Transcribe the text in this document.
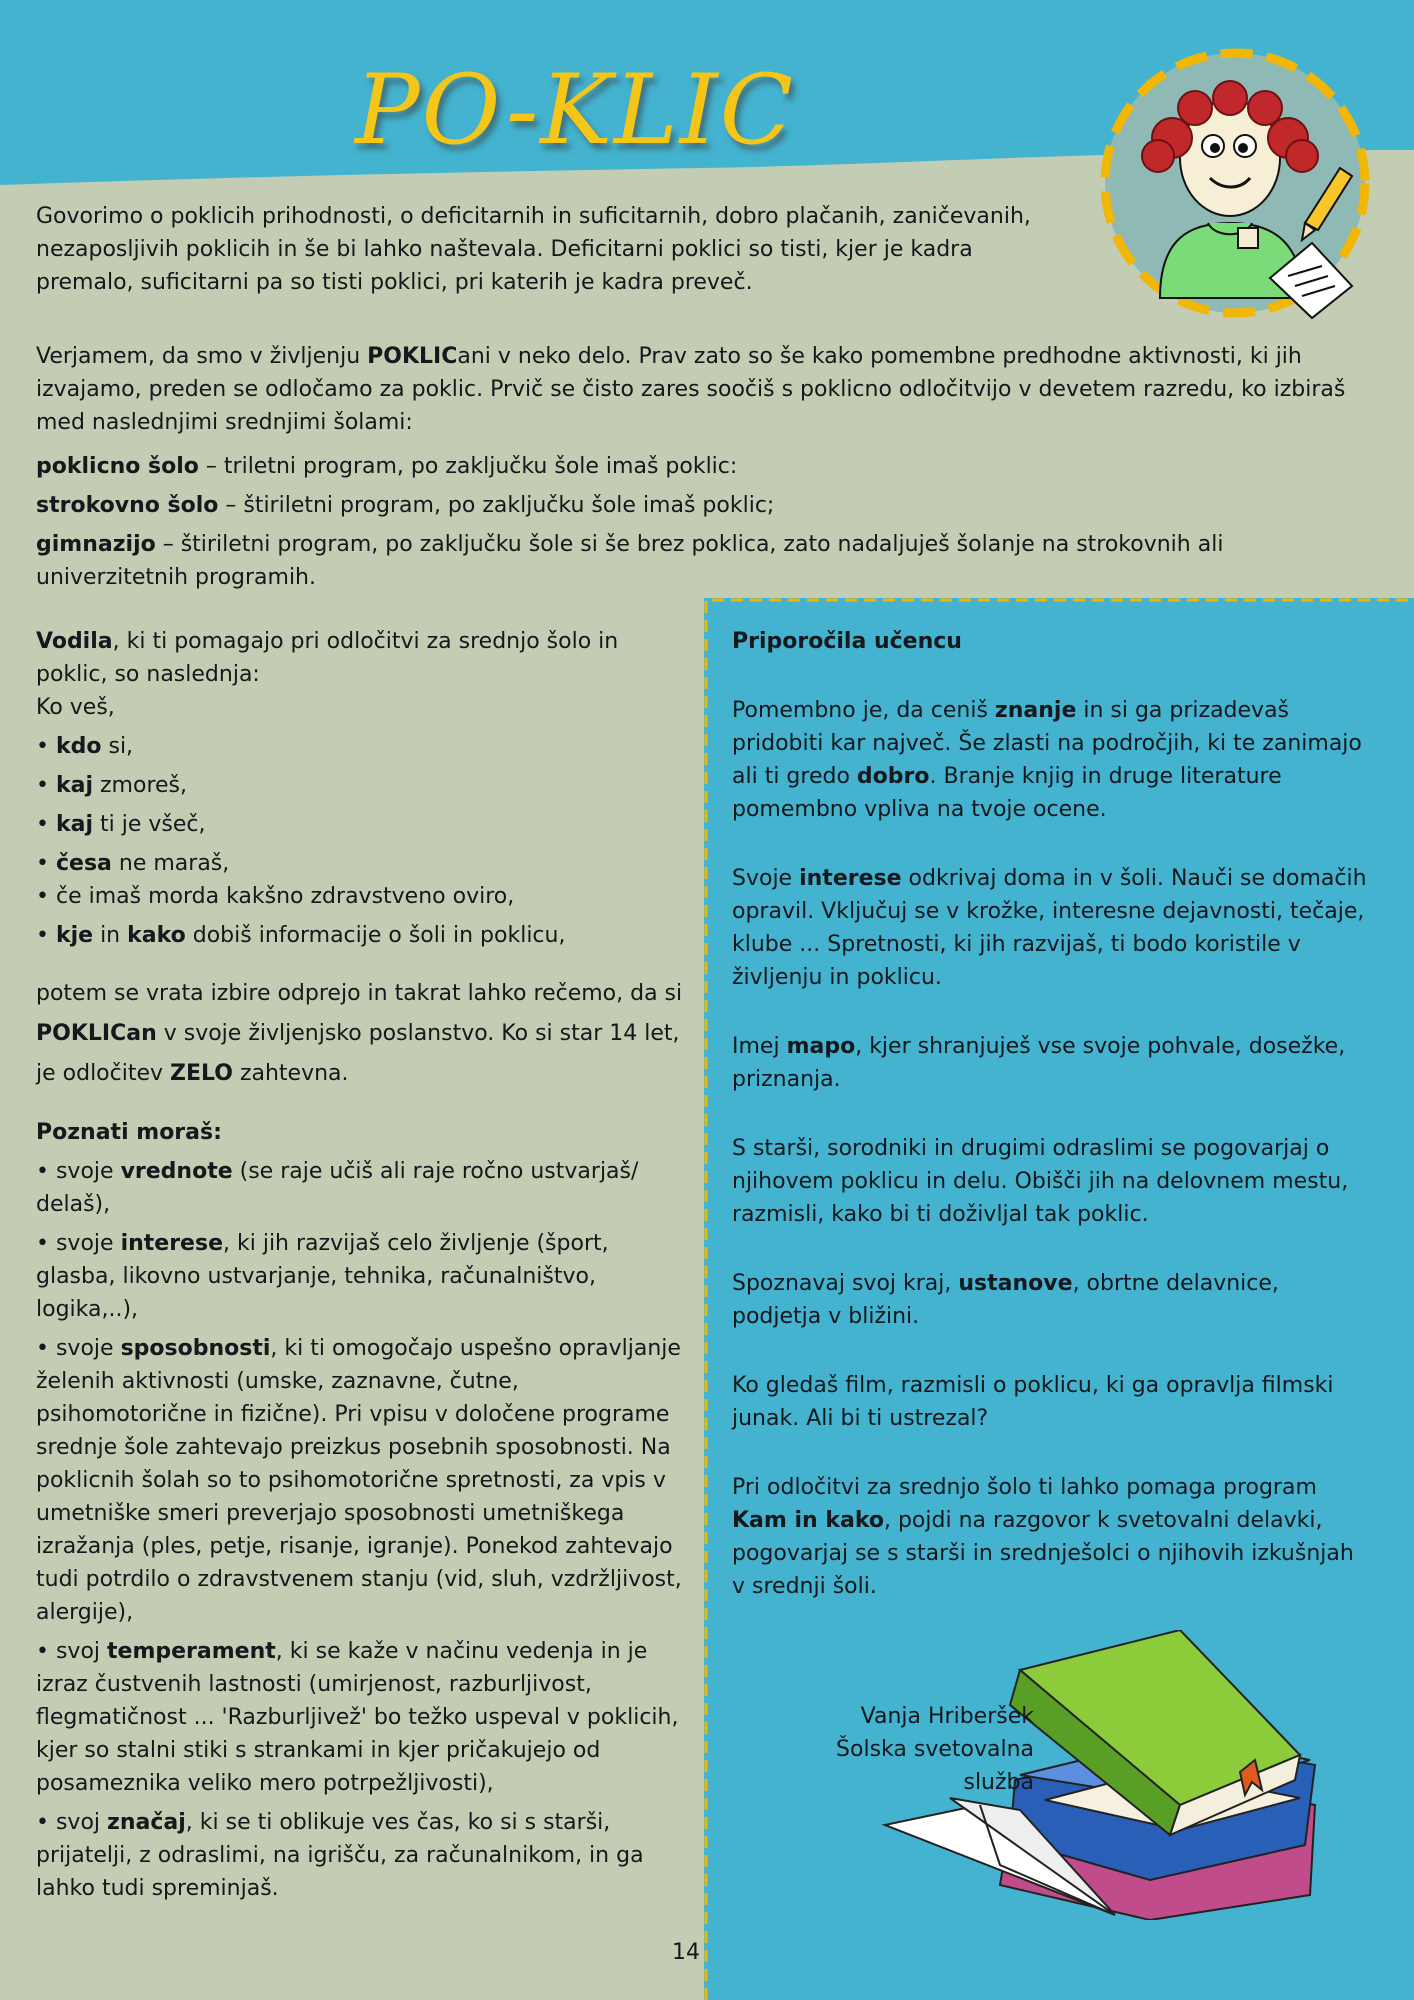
PO-KLIC

Govorimo o poklicih prihodnosti, o deficitarnih in suficitarnih, dobro plačanih, zaničevanih, nezaposljivih poklicih in še bi lahko naštevala. Deficitarni poklici so tisti, kjer je kadra premalo, suficitarni pa so tisti poklici, pri katerih je kadra preveč.

Verjamem, da smo v življenju POKLICani v neko delo. Prav zato so še kako pomembne predhodne aktivnosti, ki jih izvajamo, preden se odločamo za poklic. Prvič se čisto zares soočiš s poklicno odločitvijo v devetem razredu, ko izbiraš med naslednjimi srednjimi šolami:

poklicno šolo – triletni program, po zaključku šole imaš poklic:

strokovno šolo – štiriletni program, po zaključku šole imaš poklic;

gimnazijo – štiriletni program, po zaključku šole si še brez poklica, zato nadaljuješ šolanje na strokovnih ali univerzitetnih programih.

Vodila, ki ti pomagajo pri odločitvi za srednjo šolo in poklic, so naslednja:

Ko veš,

• kdo si,

• kaj zmoreš,

• kaj ti je všeč,

• česa ne maraš,

• če imaš morda kakšno zdravstveno oviro,

• kje in kako dobiš informacije o šoli in poklicu,

potem se vrata izbire odprejo in takrat lahko rečemo, da si POKLICan v svoje življenjsko poslanstvo. Ko si star 14 let, je odločitev ZELO zahtevna.

Poznati moraš:

• svoje vrednote (se raje učiš ali raje ročno ustvarjaš/ delaš),

• svoje interese, ki jih razvijaš celo življenje (šport, glasba, likovno ustvarjanje, tehnika, računalništvo, logika,..),

• svoje sposobnosti, ki ti omogočajo uspešno opravljanje želenih aktivnosti (umske, zaznavne, čutne, psihomotorične in fizične). Pri vpisu v določene programe srednje šole zahtevajo preizkus posebnih sposobnosti. Na poklicnih šolah so to psihomotorične spretnosti, za vpis v umetniške smeri preverjajo sposobnosti umetniškega izražanja (ples, petje, risanje, igranje). Ponekod zahtevajo tudi potrdilo o zdravstvenem stanju (vid, sluh, vzdržljivost, alergije),

• svoj temperament, ki se kaže v načinu vedenja in je izraz čustvenih lastnosti (umirjenost, razburljivost, flegmatičnost ... 'Razburljivež' bo težko uspeval v poklicih, kjer so stalni stiki s strankami in kjer pričakujejo od posameznika veliko mero potrpežljivosti),

• svoj značaj, ki se ti oblikuje ves čas, ko si s starši, prijatelji, z odraslimi, na igrišču, za računalnikom, in ga lahko tudi spreminjaš.

Priporočila učencu

Pomembno je, da ceniš znanje in si ga prizadevaš pridobiti kar največ. Še zlasti na področjih, ki te zanimajo ali ti gredo dobro. Branje knjig in druge literature pomembno vpliva na tvoje ocene.

Svoje interese odkrivaj doma in v šoli. Nauči se domačih opravil. Vključuj se v krožke, interesne dejavnosti, tečaje, klube ... Spretnosti, ki jih razvijaš, ti bodo koristile v življenju in poklicu.

Imej mapo, kjer shranjuješ vse svoje pohvale, dosežke, priznanja.

S starši, sorodniki in drugimi odraslimi se pogovarjaj o njihovem poklicu in delu. Obišči jih na delovnem mestu, razmisli, kako bi ti doživljal tak poklic.

Spoznavaj svoj kraj, ustanove, obrtne delavnice, podjetja v bližini.

Ko gledaš film, razmisli o poklicu, ki ga opravlja filmski junak. Ali bi ti ustrezal?

Pri odločitvi za srednjo šolo ti lahko pomaga program Kam in kako, pojdi na razgovor k svetovalni delavki, pogovarjaj se s starši in srednješolci o njihovih izkušnjah v srednji šoli.

Vanja Hriberšek

Šolska svetovalna služba

14
